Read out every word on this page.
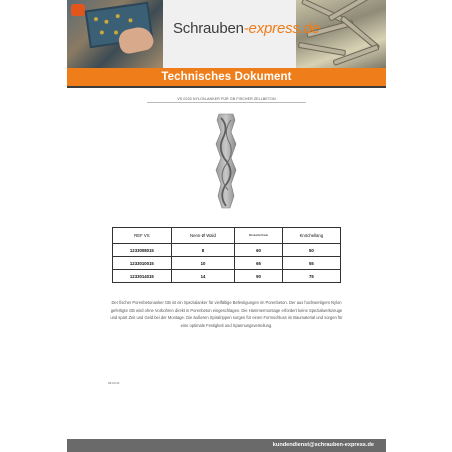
Schrauben-express.de
Technisches Dokument
VS 0233 NYLON-ANKER FÜR GB FISCHER ZELLBETON
REF VS	Nenn-Ø Wald	Mindestbohrtiefe	Knöchellang
1233008015	8	60	50
1233010015	10	65	55
1233014015	14	90	75
Der fischer Porenbetonanker GB ist ein Spezialanker für vielfältige Befestigungen im Porenbeton. Der aus hochwertigem Nylon gefertigte GB wird ohne Vorbohren direkt in Porenbeton eingeschlagen. Die Hammermontage erfordert keine Spezialwerkzeuge und spart Zeit und Geld bei der Montage. Die äußeren Spiralrippen sorgen für einen Formschluss im Baumaterial und sorgen für eine optimale Festigkeit und Spannungsverteilung.
09.03.21
kundendienst@schrauben-express.de
